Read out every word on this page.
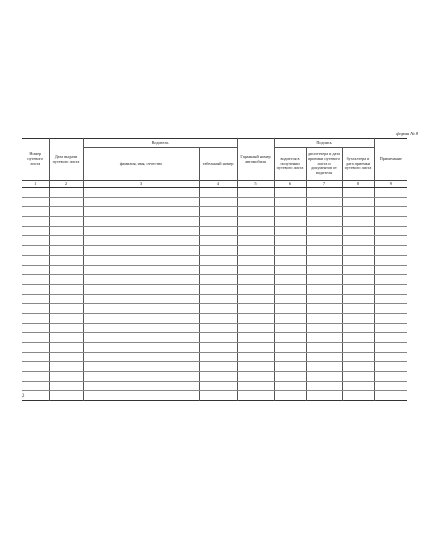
форма № 8
Номер путевого листа	Дата выдачи путевого листа	Водитель		Гаражный номер автомобиля	Подпись			Примечание
		фамилия, имя, отчество	табельный номер		водителя в получении путевого листа	диспетчера и дата приемки путевого листа и документов от водителя	бухгалтера и дата приемки путевого листа	
1	2	3	4	5	6	7	8	9

2
